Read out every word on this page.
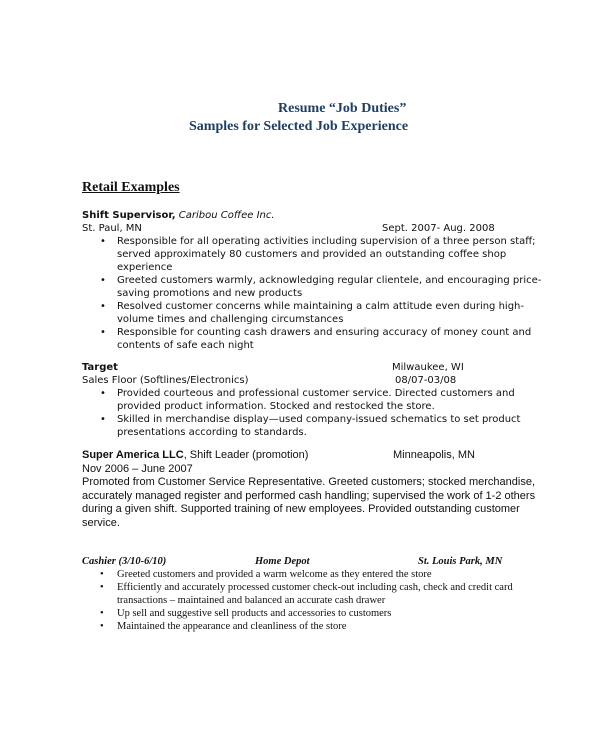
Resume “Job Duties”
Samples for Selected Job Experience
Retail Examples
Shift Supervisor, Caribou Coffee Inc.
St. Paul, MN	Sept. 2007- Aug. 2008
• Responsible for all operating activities including supervision of a three person staff;
served approximately 80 customers and provided an outstanding coffee shop
experience
• Greeted customers warmly, acknowledging regular clientele, and encouraging price-
saving promotions and new products
• Resolved customer concerns while maintaining a calm attitude even during high-
volume times and challenging circumstances
• Responsible for counting cash drawers and ensuring accuracy of money count and
contents of safe each night
Target	Milwaukee, WI
Sales Floor (Softlines/Electronics)	08/07-03/08
• Provided courteous and professional customer service. Directed customers and
provided product information. Stocked and restocked the store.
• Skilled in merchandise display—used company-issued schematics to set product
presentations according to standards.
Super America LLC, Shift Leader (promotion)	Minneapolis, MN
Nov 2006 – June 2007
Promoted from Customer Service Representative. Greeted customers; stocked merchandise,
accurately managed register and performed cash handling; supervised the work of 1-2 others
during a given shift. Supported training of new employees. Provided outstanding customer
service.
Cashier (3/10-6/10)	Home Depot	St. Louis Park, MN
• Greeted customers and provided a warm welcome as they entered the store
• Efficiently and accurately processed customer check-out including cash, check and credit card
transactions – maintained and balanced an accurate cash drawer
• Up sell and suggestive sell products and accessories to customers
• Maintained the appearance and cleanliness of the store
